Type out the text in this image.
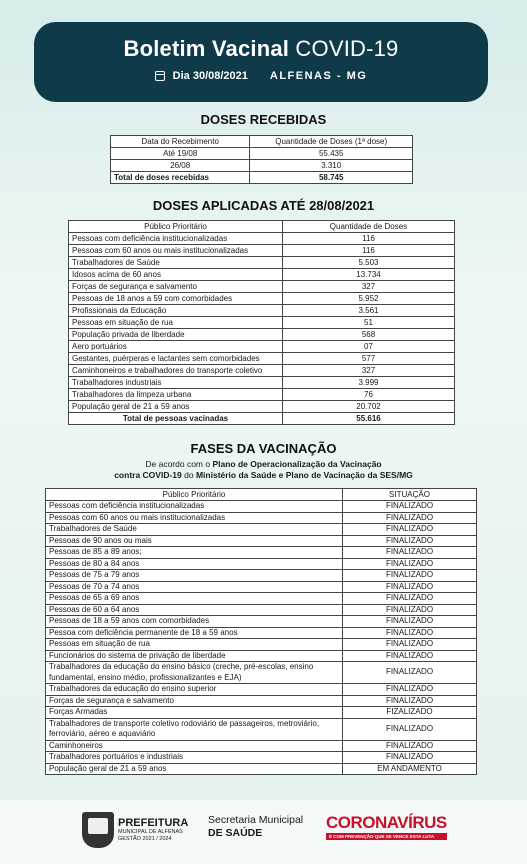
Boletim Vacinal COVID-19
Dia 30/08/2021 ALFENAS - MG
DOSES RECEBIDAS
Data do Recebimento	Quantidade de Doses (1ª dose)
Até 19/08	55.435
26/08	3.310
Total de doses recebidas	58.745
DOSES APLICADAS ATÉ 28/08/2021
Público Prioritário	Quantidade de Doses
Pessoas com deficiência institucionalizadas	116
Pessoas com 60 anos ou mais institucionalizadas	116
Trabalhadores de Saúde	5.503
Idosos acima de 60 anos	13.734
Forças de segurança e salvamento	327
Pessoas de 18 anos a 59 com comorbidades	5.952
Profissionais da Educação	3.561
Pessoas em situação de rua	51
População privada de liberdade	568
Aero portuários	07
Gestantes, puérperas e lactantes sem comorbidades	577
Caminhoneiros e trabalhadores do transporte coletivo	327
Trabalhadores industriais	3.999
Trabalhadores da limpeza urbana	76
População geral de 21 a 59 anos	20.702
Total de pessoas vacinadas	55.616
FASES DA VACINAÇÃO
De acordo com o Plano de Operacionalização da Vacinação
contra COVID-19 do Ministério da Saúde e Plano de Vacinação da SES/MG
Público Prioritário	SITUAÇÃO
Pessoas com deficiência institucionalizadas	FINALIZADO
Pessoas com 60 anos ou mais institucionalizadas	FINALIZADO
Trabalhadores de Saúde	FINALIZADO
Pessoas de 90 anos ou mais	FINALIZADO
Pessoas de 85 a 89 anos;	FINALIZADO
Pessoas de 80 a 84 anos	FINALIZADO
Pessoas de 75 a 79 anos	FINALIZADO
Pessoas de 70 a 74 anos	FINALIZADO
Pessoas de 65 a 69 anos	FINALIZADO
Pessoas de 60 a 64 anos	FINALIZADO
Pessoas de 18 a 59 anos com comorbidades	FINALIZADO
Pessoa com deficiência permanente de 18 a 59 anos	FINALIZADO
Pessoas em situação de rua	FINALIZADO
Funcionários do sistema de privação de liberdade	FINALIZADO
Trabalhadores da educação do ensino básico (creche, pré-escolas, ensino fundamental, ensino médio, profissionalizantes e EJA)	FINALIZADO
Trabalhadores da educação do ensino superior	FINALIZADO
Forças de segurança e salvamento	FINALIZADO
Forças Armadas	FIZALIZADO
Trabalhadores de transporte coletivo rodoviário de passageiros, metroviário, ferroviário, aéreo e aquaviário	FINALIZADO
Caminhoneiros	FINALIZADO
Trabalhadores portuários e industriais	FINALIZADO
População geral de 21 a 59 anos	EM ANDAMENTO
PREFEITURA
MUNICIPAL DE ALFENAS
GESTÃO 2021 / 2024
Secretaria Municipal
DE SAÚDE
CORONAVÍRUS
É COM PREVENÇÃO QUE SE VENCE ESTA LUTA
